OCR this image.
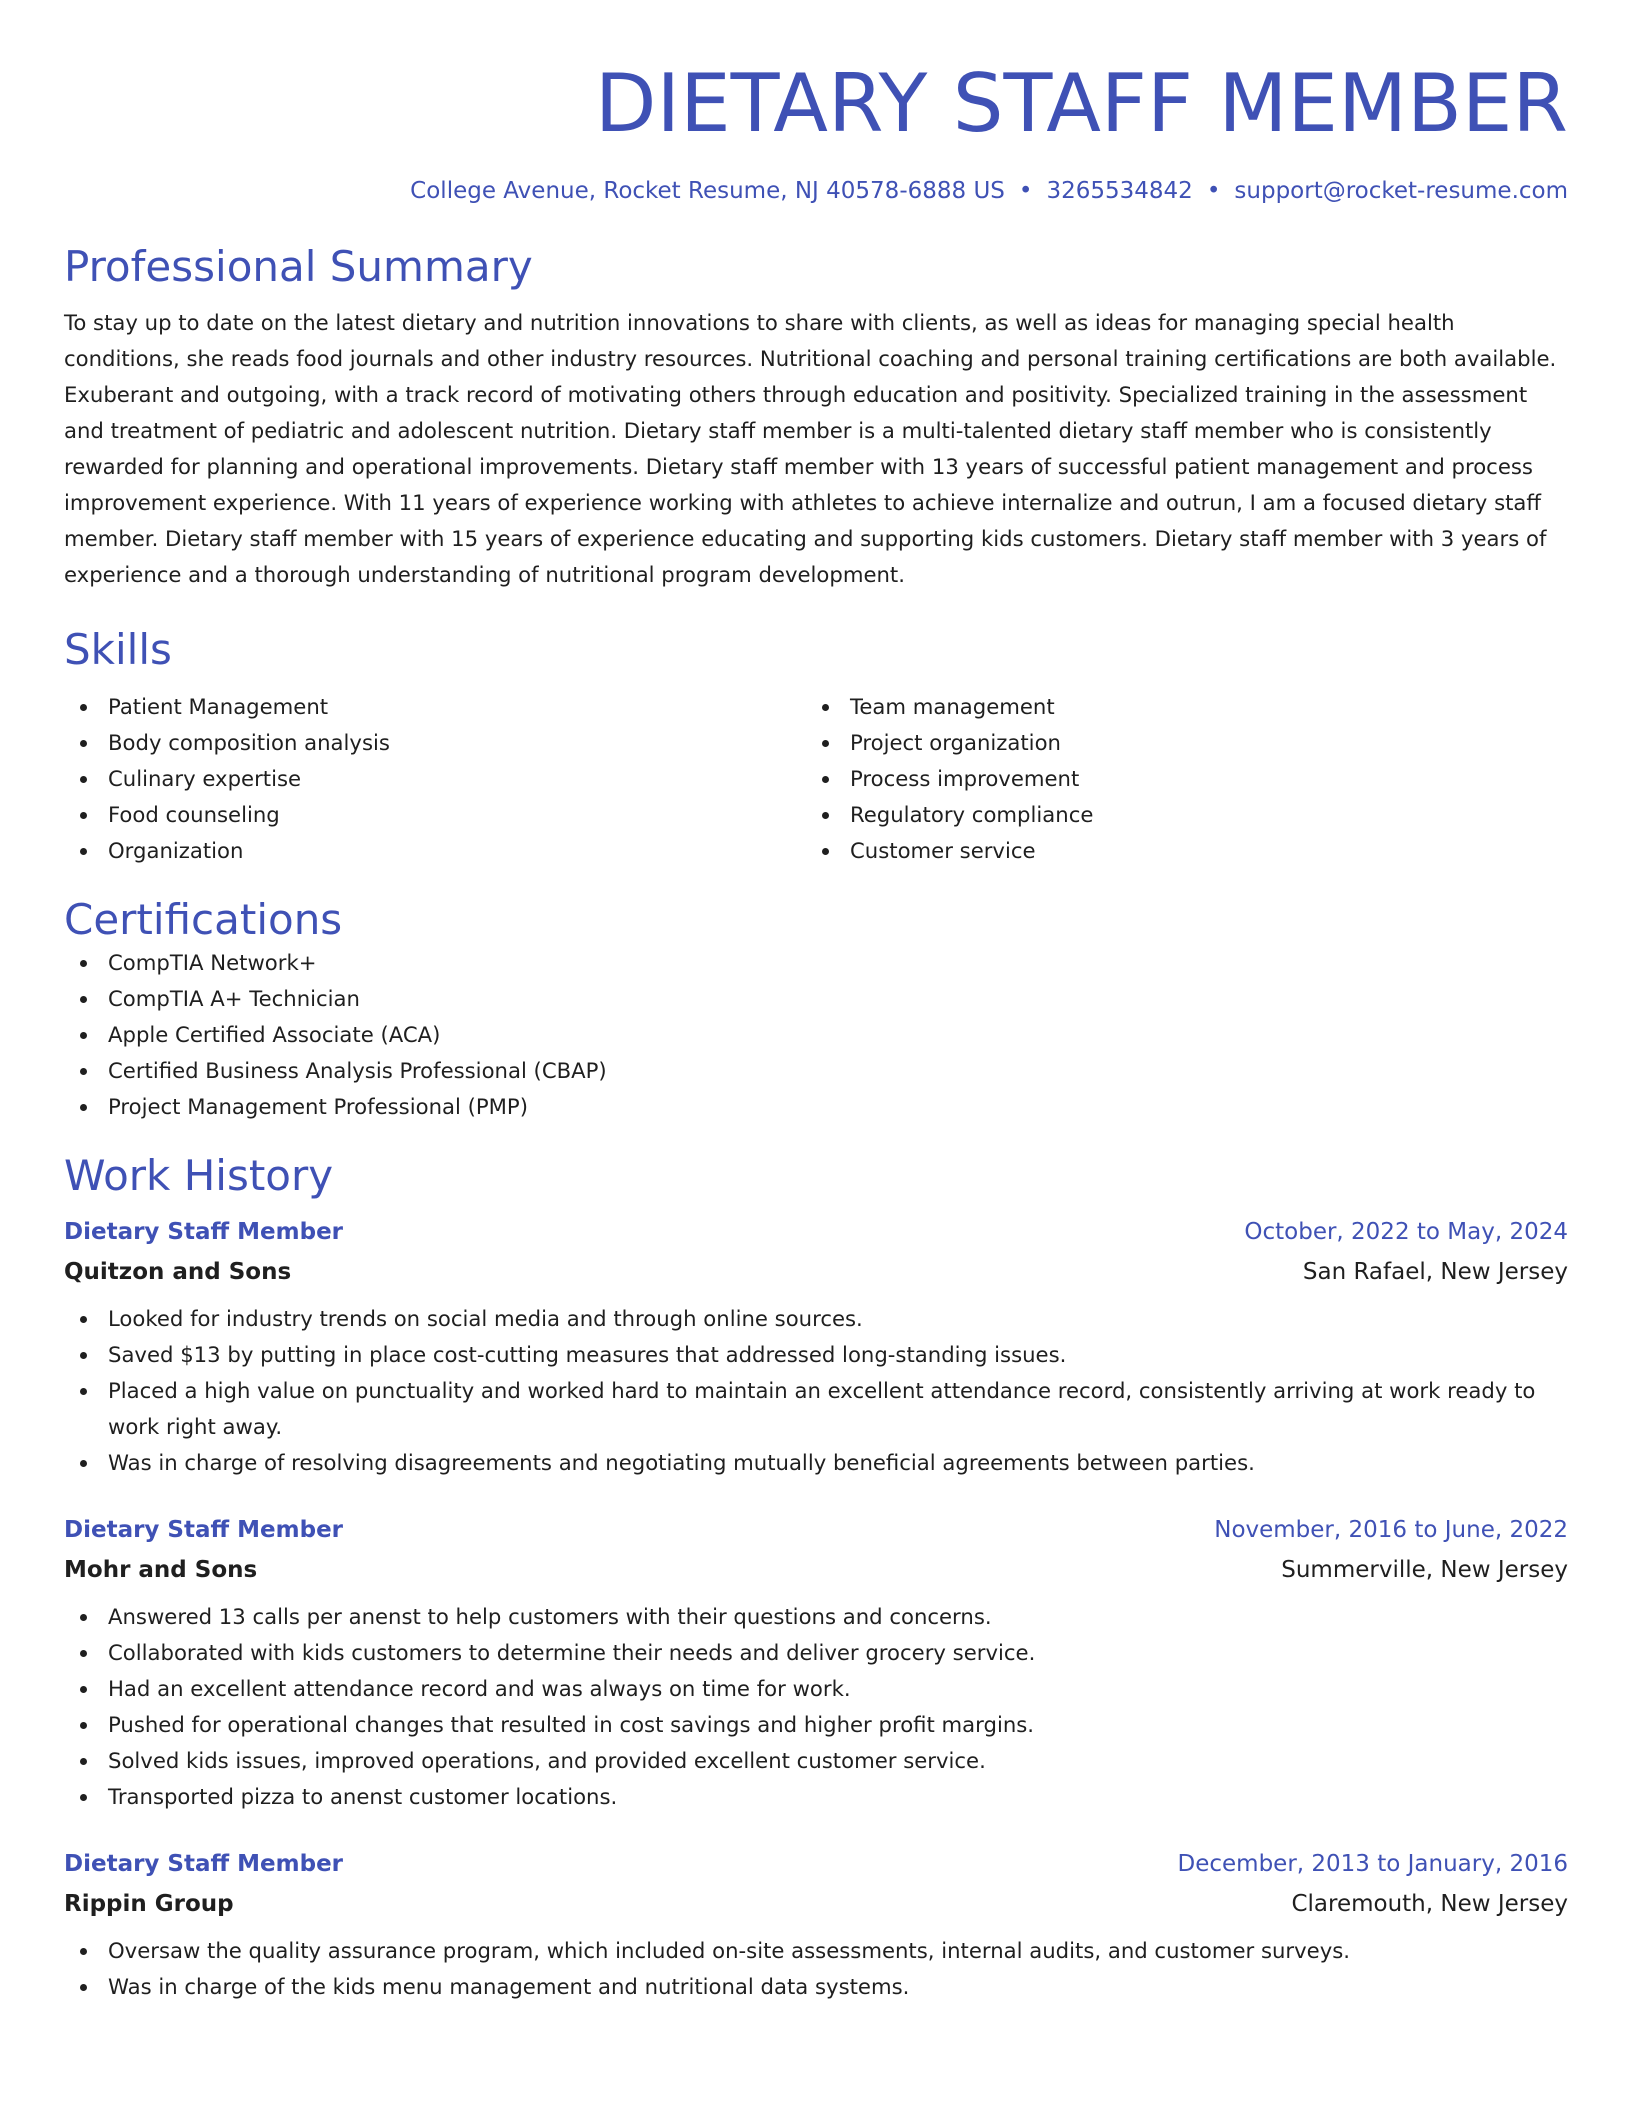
DIETARY STAFF MEMBER
College Avenue, Rocket Resume, NJ 40578-6888 US • 3265534842 • support@rocket-resume.com
Professional Summary
To stay up to date on the latest dietary and nutrition innovations to share with clients, as well as ideas for managing special health conditions, she reads food journals and other industry resources. Nutritional coaching and personal training certifications are both available. Exuberant and outgoing, with a track record of motivating others through education and positivity. Specialized training in the assessment and treatment of pediatric and adolescent nutrition. Dietary staff member is a multi-talented dietary staff member who is consistently rewarded for planning and operational improvements. Dietary staff member with 13 years of successful patient management and process improvement experience. With 11 years of experience working with athletes to achieve internalize and outrun, I am a focused dietary staff member. Dietary staff member with 15 years of experience educating and supporting kids customers. Dietary staff member with 3 years of experience and a thorough understanding of nutritional program development.
Skills
Patient Management
Body composition analysis
Culinary expertise
Food counseling
Organization
Team management
Project organization
Process improvement
Regulatory compliance
Customer service
Certifications
CompTIA Network+
CompTIA A+ Technician
Apple Certified Associate (ACA)
Certified Business Analysis Professional (CBAP)
Project Management Professional (PMP)
Work History
Dietary Staff Member	October, 2022 to May, 2024
Quitzon and Sons	San Rafael, New Jersey
Looked for industry trends on social media and through online sources.
Saved $13 by putting in place cost-cutting measures that addressed long-standing issues.
Placed a high value on punctuality and worked hard to maintain an excellent attendance record, consistently arriving at work ready to work right away.
Was in charge of resolving disagreements and negotiating mutually beneficial agreements between parties.
Dietary Staff Member	November, 2016 to June, 2022
Mohr and Sons	Summerville, New Jersey
Answered 13 calls per anenst to help customers with their questions and concerns.
Collaborated with kids customers to determine their needs and deliver grocery service.
Had an excellent attendance record and was always on time for work.
Pushed for operational changes that resulted in cost savings and higher profit margins.
Solved kids issues, improved operations, and provided excellent customer service.
Transported pizza to anenst customer locations.
Dietary Staff Member	December, 2013 to January, 2016
Rippin Group	Claremouth, New Jersey
Oversaw the quality assurance program, which included on-site assessments, internal audits, and customer surveys.
Was in charge of the kids menu management and nutritional data systems.
